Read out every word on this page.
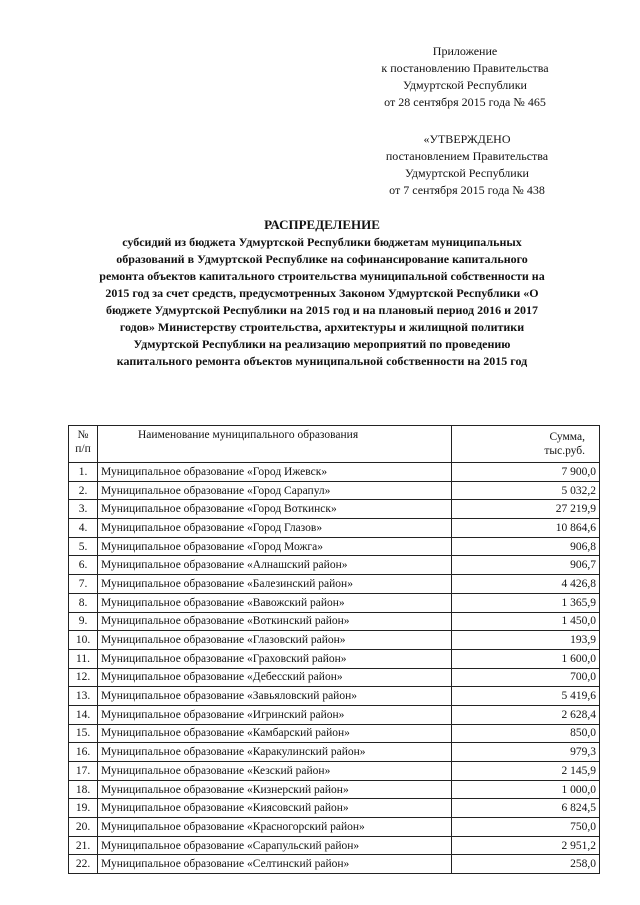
Приложение
к постановлению Правительства
Удмуртской Республики
от 28 сентября 2015 года № 465
«УТВЕРЖДЕНО
постановлением Правительства
Удмуртской Республики
от 7 сентября 2015 года № 438
РАСПРЕДЕЛЕНИЕ
субсидий из бюджета Удмуртской Республики бюджетам муниципальных
образований в Удмуртской Республике на софинансирование капитального
ремонта объектов капитального строительства муниципальной собственности на
2015 год за счет средств, предусмотренных Законом Удмуртской Республики «О
бюджете Удмуртской Республики на 2015 год и на плановый период 2016 и 2017
годов» Министерству строительства, архитектуры и жилищной политики
Удмуртской Республики на реализацию мероприятий по проведению
капитального ремонта объектов муниципальной собственности на 2015 год
№
п/п	Наименование муниципального образования	Сумма,
тыс.руб.
1.	Муниципальное образование «Город Ижевск»	7 900,0
2.	Муниципальное образование «Город Сарапул»	5 032,2
3.	Муниципальное образование «Город Воткинск»	27 219,9
4.	Муниципальное образование «Город Глазов»	10 864,6
5.	Муниципальное образование «Город Можга»	906,8
6.	Муниципальное образование «Алнашский район»	906,7
7.	Муниципальное образование «Балезинский район»	4 426,8
8.	Муниципальное образование «Вавожский район»	1 365,9
9.	Муниципальное образование «Воткинский район»	1 450,0
10.	Муниципальное образование «Глазовский район»	193,9
11.	Муниципальное образование «Граховский район»	1 600,0
12.	Муниципальное образование «Дебесский район»	700,0
13.	Муниципальное образование «Завьяловский район»	5 419,6
14.	Муниципальное образование «Игринский район»	2 628,4
15.	Муниципальное образование «Камбарский район»	850,0
16.	Муниципальное образование «Каракулинский район»	979,3
17.	Муниципальное образование «Кезский район»	2 145,9
18.	Муниципальное образование «Кизнерский район»	1 000,0
19.	Муниципальное образование «Киясовский район»	6 824,5
20.	Муниципальное образование «Красногорский район»	750,0
21.	Муниципальное образование «Сарапульский район»	2 951,2
22.	Муниципальное образование «Селтинский район»	258,0
